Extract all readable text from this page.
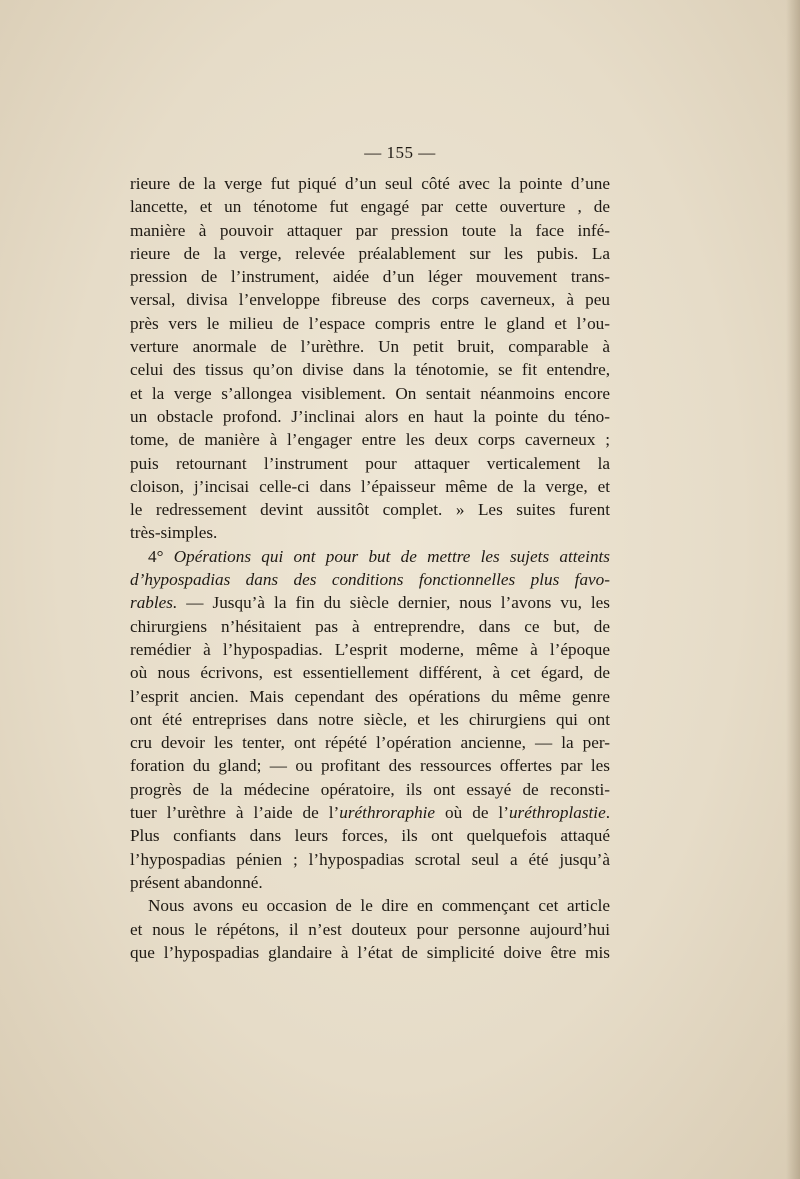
— 155 —
rieure de la verge fut piqué d’un seul côté avec la pointe d’une
lancette, et un ténotome fut engagé par cette ouverture , de
manière à pouvoir attaquer par pression toute la face infé-
rieure de la verge, relevée préalablement sur les pubis. La
pression de l’instrument, aidée d’un léger mouvement trans-
versal, divisa l’enveloppe fibreuse des corps caverneux, à peu
près vers le milieu de l’espace compris entre le gland et l’ou-
verture anormale de l’urèthre. Un petit bruit, comparable à
celui des tissus qu’on divise dans la ténotomie, se fit entendre,
et la verge s’allongea visiblement. On sentait néanmoins encore
un obstacle profond. J’inclinai alors en haut la pointe du téno-
tome, de manière à l’engager entre les deux corps caverneux ;
puis retournant l’instrument pour attaquer verticalement la
cloison, j’incisai celle-ci dans l’épaisseur même de la verge, et
le redressement devint aussitôt complet. » Les suites furent
très-simples.
4° Opérations qui ont pour but de mettre les sujets atteints
d’hypospadias dans des conditions fonctionnelles plus favo-
rables. — Jusqu’à la fin du siècle dernier, nous l’avons vu, les
chirurgiens n’hésitaient pas à entreprendre, dans ce but, de
remédier à l’hypospadias. L’esprit moderne, même à l’époque
où nous écrivons, est essentiellement différent, à cet égard, de
l’esprit ancien. Mais cependant des opérations du même genre
ont été entreprises dans notre siècle, et les chirurgiens qui ont
cru devoir les tenter, ont répété l’opération ancienne, — la per-
foration du gland; — ou profitant des ressources offertes par les
progrès de la médecine opératoire, ils ont essayé de reconsti-
tuer l’urèthre à l’aide de l’uréthroraphie où de l’uréthroplastie.
Plus confiants dans leurs forces, ils ont quelquefois attaqué
l’hypospadias pénien ; l’hypospadias scrotal seul a été jusqu’à
présent abandonné.
Nous avons eu occasion de le dire en commençant cet article
et nous le répétons, il n’est douteux pour personne aujourd’hui
que l’hypospadias glandaire à l’état de simplicité doive être mis
